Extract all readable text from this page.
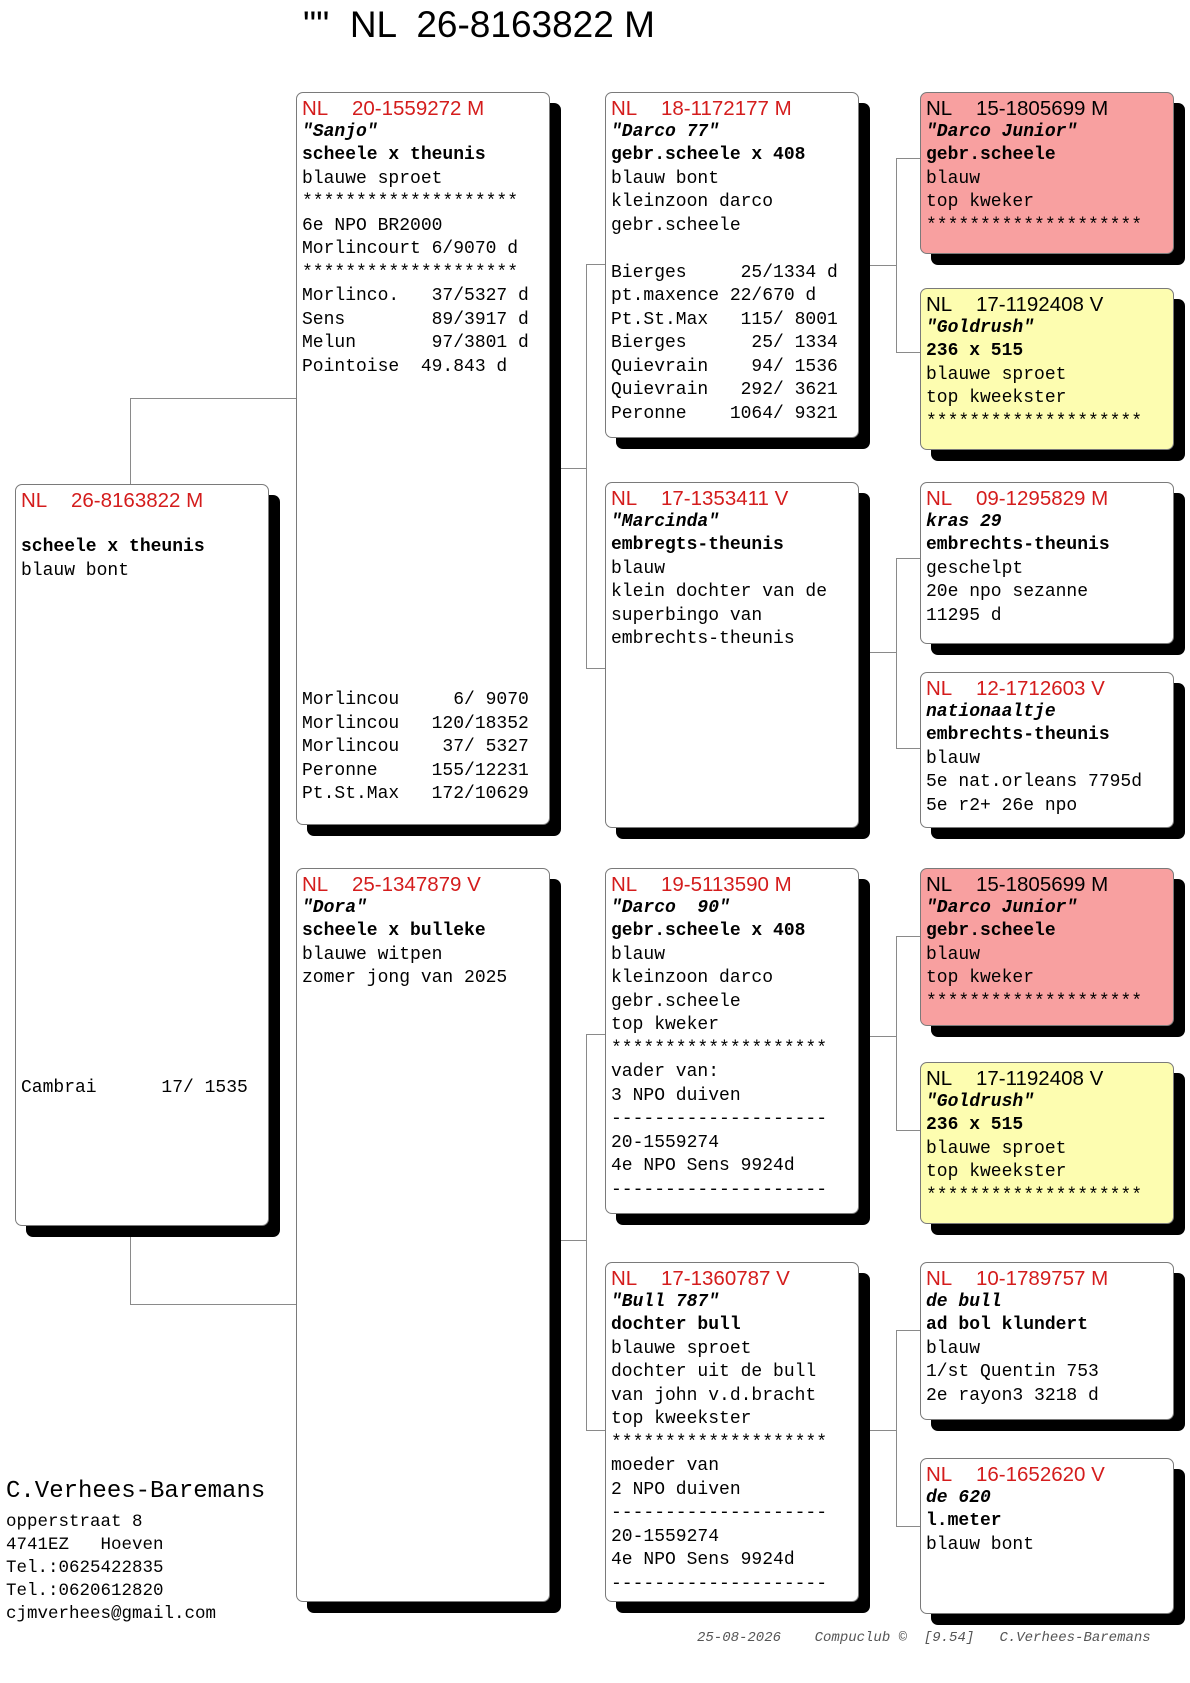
""  NL  26-8163822 M
NL 26-8163822 M
scheele x theunis
blauw bont
Cambrai      17/ 1535
NL 20-1559272 M
"Sanjo"
scheele x theunis
blauwe sproet
********************
6e NPO BR2000
Morlincourt 6/9070 d
********************
Morlinco.   37/5327 d
Sens        89/3917 d
Melun       97/3801 d
Pointoise  49.843 d
Morlincou     6/ 9070
Morlincou   120/18352
Morlincou    37/ 5327
Peronne     155/12231
Pt.St.Max   172/10629
NL 25-1347879 V
"Dora"
scheele x bulleke
blauwe witpen
zomer jong van 2025
NL 18-1172177 M
"Darco 77"
gebr.scheele x 408
blauw bont
kleinzoon darco
gebr.scheele
Bierges     25/1334 d
pt.maxence 22/670 d
Pt.St.Max   115/ 8001
Bierges      25/ 1334
Quievrain    94/ 1536
Quievrain   292/ 3621
Peronne    1064/ 9321
NL 17-1353411 V
"Marcinda"
embregts-theunis
blauw
klein dochter van de
superbingo van
embrechts-theunis
NL 19-5113590 M
"Darco  90"
gebr.scheele x 408
blauw
kleinzoon darco
gebr.scheele
top kweker
********************
vader van:
3 NPO duiven
--------------------
20-1559274
4e NPO Sens 9924d
--------------------
NL 17-1360787 V
"Bull 787"
dochter bull
blauwe sproet
dochter uit de bull
van john v.d.bracht
top kweekster
********************
moeder van
2 NPO duiven
--------------------
20-1559274
4e NPO Sens 9924d
--------------------
NL 15-1805699 M
"Darco Junior"
gebr.scheele
blauw
top kweker
********************
NL 17-1192408 V
"Goldrush"
236 x 515
blauwe sproet
top kweekster
********************
NL 09-1295829 M
kras 29
embrechts-theunis
geschelpt
20e npo sezanne
11295 d
NL 12-1712603 V
nationaaltje
embrechts-theunis
blauw
5e nat.orleans 7795d
5e r2+ 26e npo
NL 15-1805699 M
"Darco Junior"
gebr.scheele
blauw
top kweker
********************
NL 17-1192408 V
"Goldrush"
236 x 515
blauwe sproet
top kweekster
********************
NL 10-1789757 M
de bull
ad bol klundert
blauw
1/st Quentin 753
2e rayon3 3218 d
NL 16-1652620 V
de 620
l.meter
blauw bont
C.Verhees-Baremans
opperstraat 8
4741EZ   Hoeven
Tel.:0625422835
Tel.:0620612820
cjmverhees@gmail.com
25-08-2026    Compuclub ©  [9.54]   C.Verhees-Baremans
